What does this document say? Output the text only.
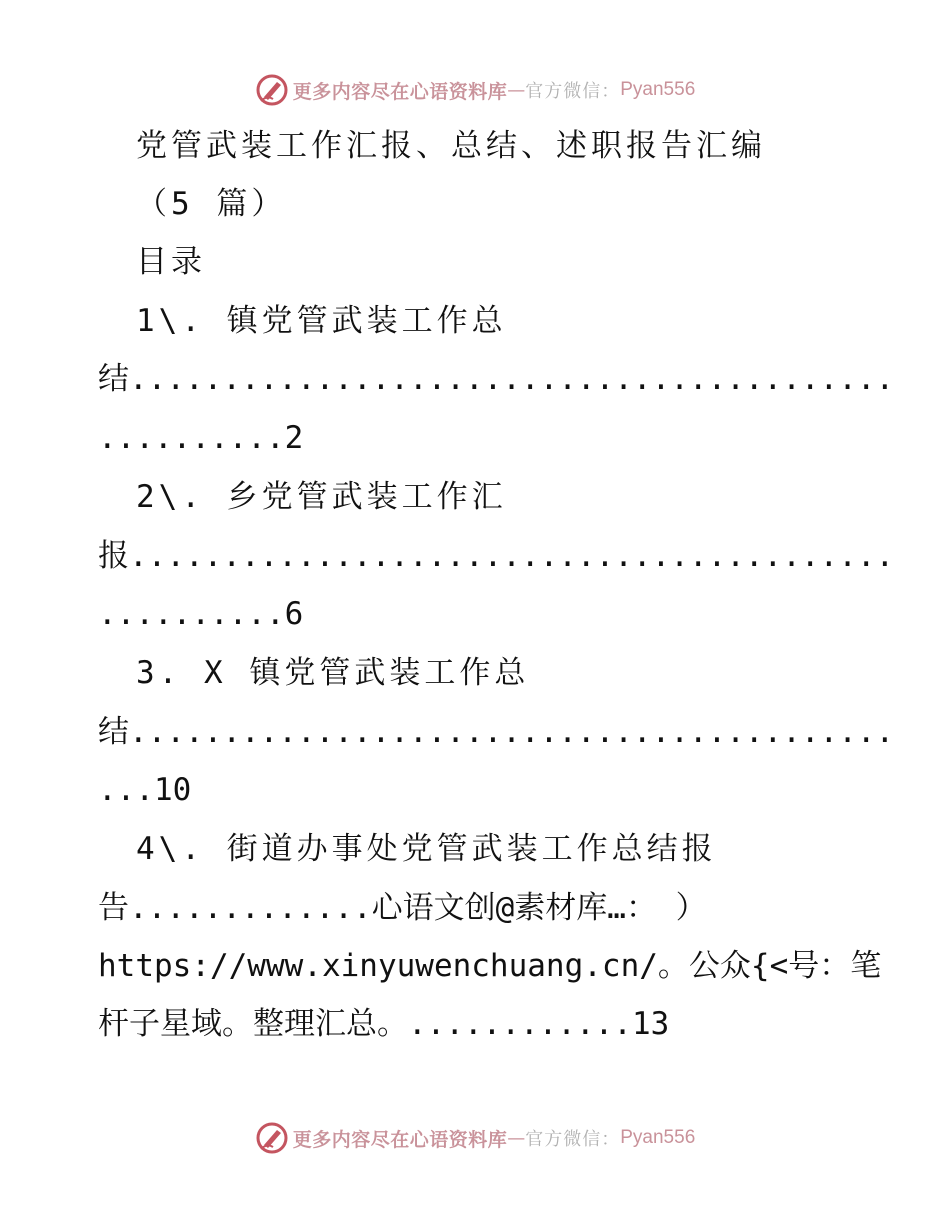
更多内容尽在心语资料库 — 官方微信： Pyan556
党管武装工作汇报、总结、述职报告汇编
（5 篇）
目录
1\. 镇党管武装工作总
结.........................................
..........2
2\. 乡党管武装工作汇
报.........................................
..........6
3. X 镇党管武装工作总
结.........................................
...10
4\. 街道办事处党管武装工作总结报
告.............心语文创@素材库…： ）
https://www.xinyuwenchuang.cn/。公众{<号：笔
杆子星域。整理汇总。............13
更多内容尽在心语资料库 — 官方微信： Pyan556
